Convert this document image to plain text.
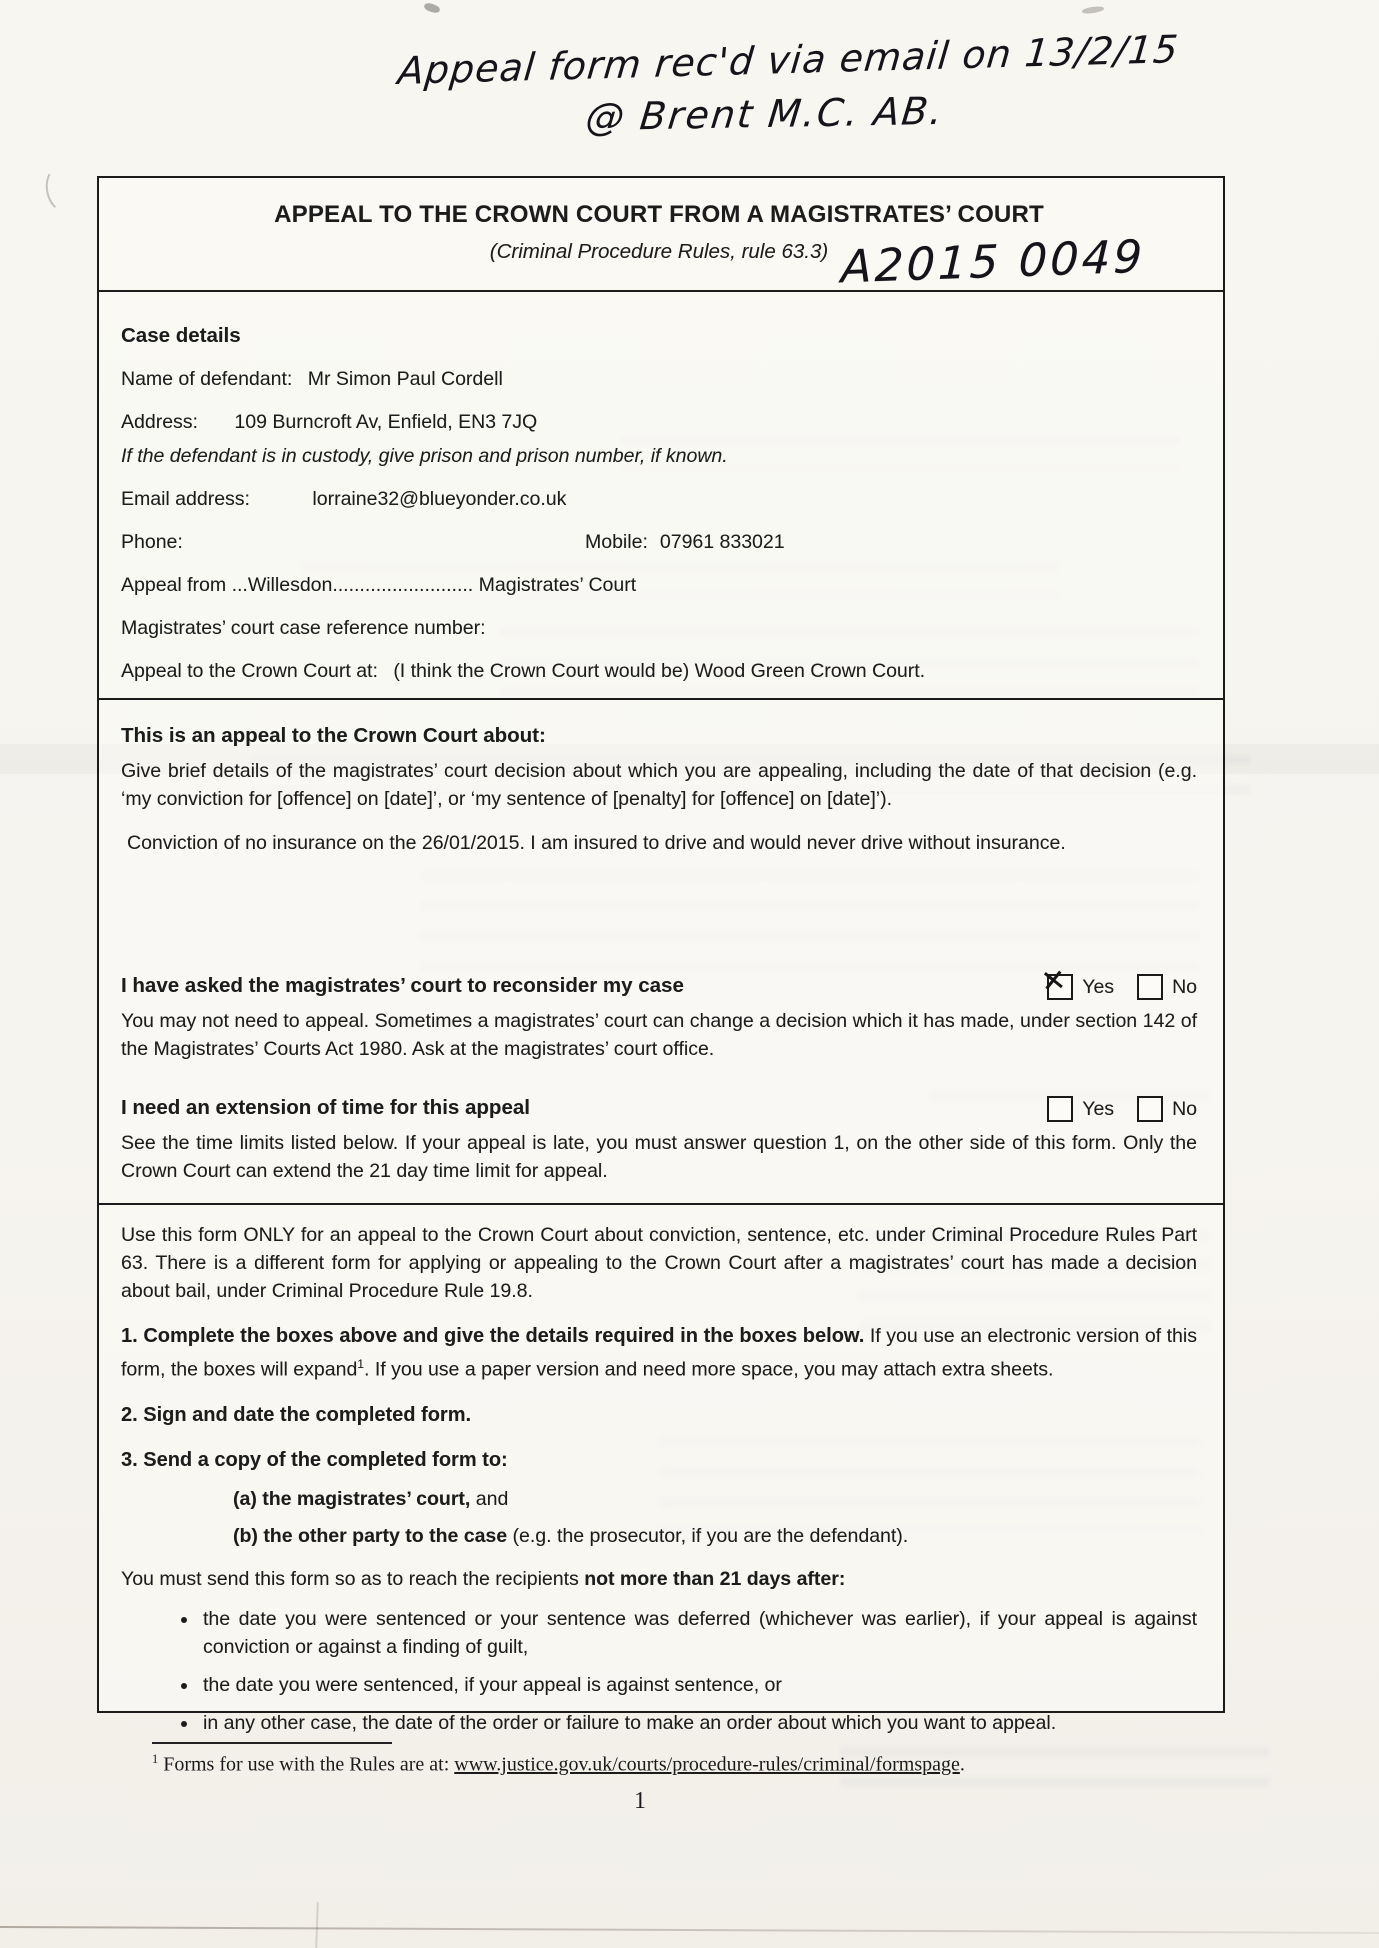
Appeal form rec'd via email on 13/2/15
@ Brent M.C. AB.
APPEAL TO THE CROWN COURT FROM A MAGISTRATES’ COURT
(Criminal Procedure Rules, rule 63.3) A2015 0049
Case details
Name of defendant: Mr Simon Paul Cordell
Address: 109 Burncroft Av, Enfield, EN3 7JQ
If the defendant is in custody, give prison and prison number, if known.
Email address:	lorraine32@blueyonder.co.uk
Phone:	Mobile: 07961 833021
Appeal from ...Willesdon.......................... Magistrates’ Court
Magistrates’ court case reference number:
Appeal to the Crown Court at: (I think the Crown Court would be) Wood Green Crown Court.
This is an appeal to the Crown Court about:
Give brief details of the magistrates’ court decision about which you are appealing, including the date of that decision (e.g. ‘my conviction for [offence] on [date]’, or ‘my sentence of [penalty] for [offence] on [date]’).
Conviction of no insurance on the 26/01/2015. I am insured to drive and would never drive without insurance.
I have asked the magistrates’ court to reconsider my case ✕	Yes	No
You may not need to appeal. Sometimes a magistrates’ court can change a decision which it has made, under section 142 of the Magistrates’ Courts Act 1980. Ask at the magistrates’ court office.
I need an extension of time for this appeal	Yes	No
See the time limits listed below. If your appeal is late, you must answer question 1, on the other side of this form. Only the Crown Court can extend the 21 day time limit for appeal.
Use this form ONLY for an appeal to the Crown Court about conviction, sentence, etc. under Criminal Procedure Rules Part 63. There is a different form for applying or appealing to the Crown Court after a magistrates’ court has made a decision about bail, under Criminal Procedure Rule 19.8.
1. Complete the boxes above and give the details required in the boxes below. If you use an electronic version of this form, the boxes will expand$^1$. If you use a paper version and need more space, you may attach extra sheets.
2. Sign and date the completed form.
3. Send a copy of the completed form to:
(a) the magistrates’ court, and
(b) the other party to the case (e.g. the prosecutor, if you are the defendant).
You must send this form so as to reach the recipients not more than 21 days after:
• the date you were sentenced or your sentence was deferred (whichever was earlier), if your appeal is against conviction or against a finding of guilt,
• the date you were sentenced, if your appeal is against sentence, or
• in any other case, the date of the order or failure to make an order about which you want to appeal.
$^1$ Forms for use with the Rules are at: www.justice.gov.uk/courts/procedure-rules/criminal/formspage.
1
